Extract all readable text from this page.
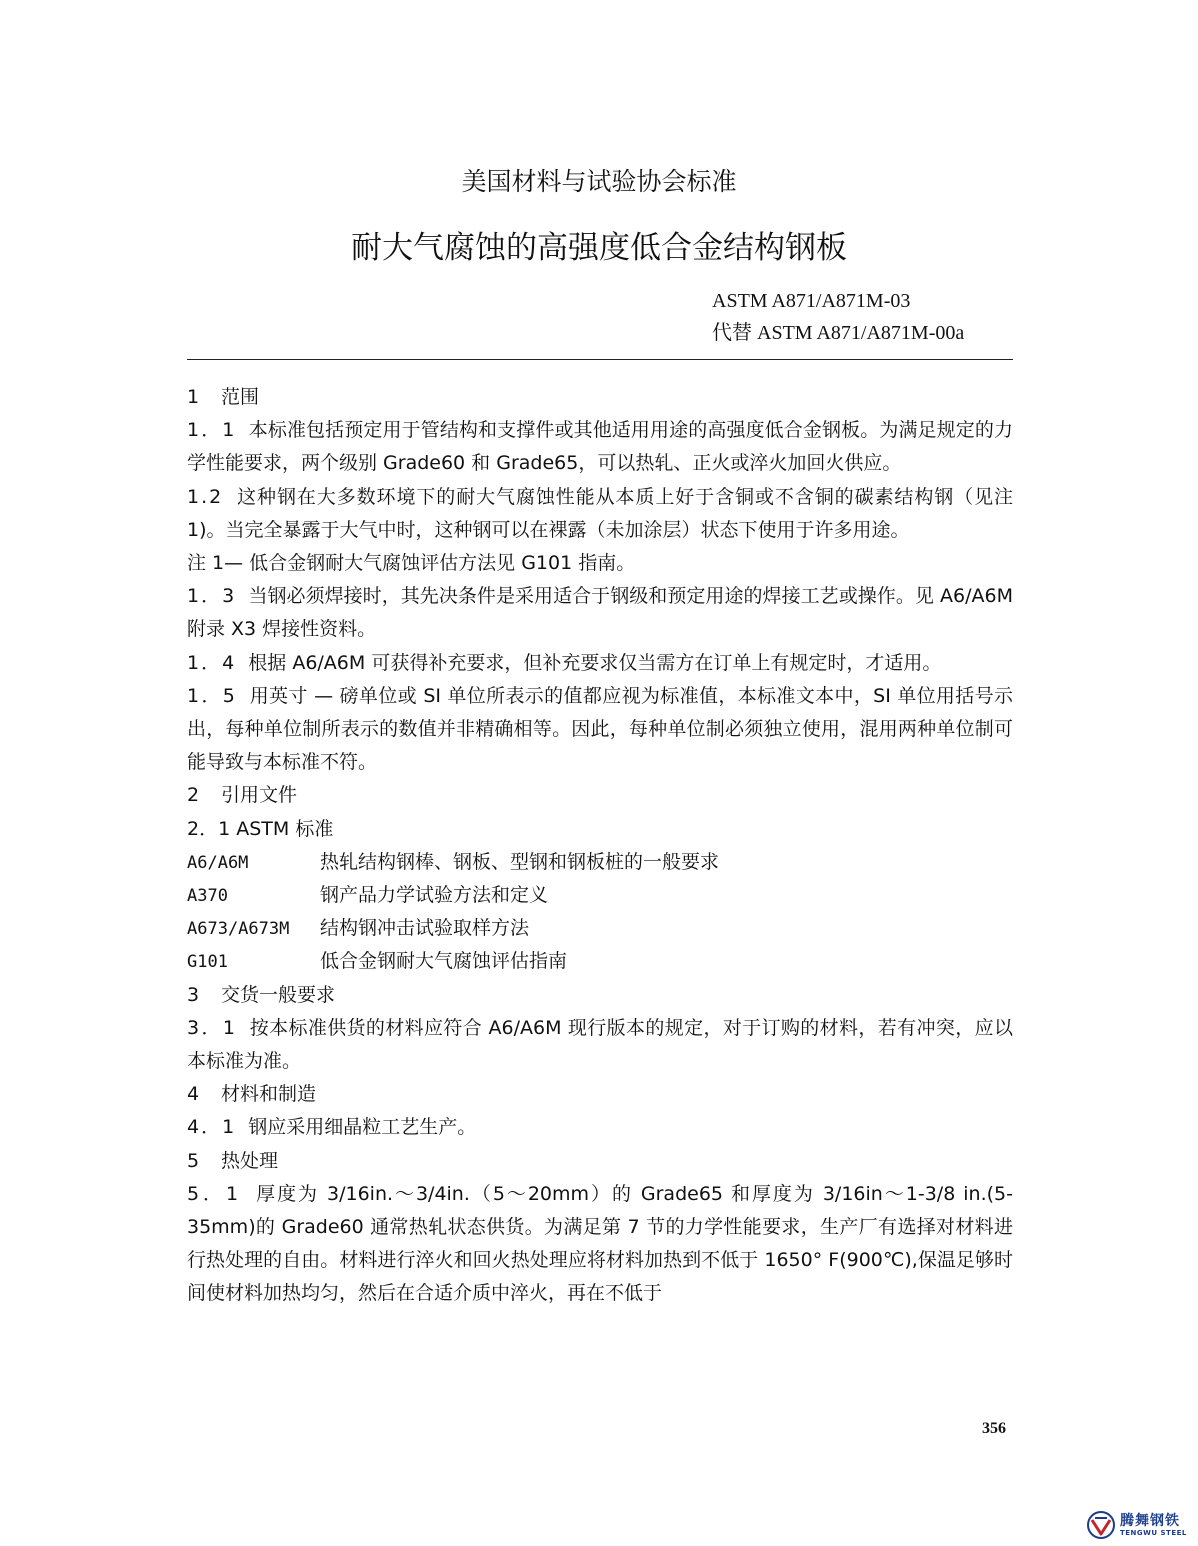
美国材料与试验协会标准
耐大气腐蚀的高强度低合金结构钢板
ASTM A871/A871M-03
代替 ASTM A871/A871M-00a
1 范围
1．1 本标准包括预定用于管结构和支撑件或其他适用用途的高强度低合金钢板。为满足规定的力学性能要求，两个级别 Grade60 和 Grade65，可以热轧、正火或淬火加回火供应。
1.2 这种钢在大多数环境下的耐大气腐蚀性能从本质上好于含铜或不含铜的碳素结构钢（见注 1)。当完全暴露于大气中时，这种钢可以在裸露（未加涂层）状态下使用于许多用途。
注 1— 低合金钢耐大气腐蚀评估方法见 G101 指南。
1．3 当钢必须焊接时，其先决条件是采用适合于钢级和预定用途的焊接工艺或操作。见 A6/A6M 附录 X3 焊接性资料。
1．4 根据 A6/A6M 可获得补充要求，但补充要求仅当需方在订单上有规定时，才适用。
1．5 用英寸 — 磅单位或 SI 单位所表示的值都应视为标准值，本标准文本中，SI 单位用括号示出，每种单位制所表示的数值并非精确相等。因此，每种单位制必须独立使用，混用两种单位制可能导致与本标准不符。
2 引用文件
2．1 ASTM 标准
A6/A6M	热轧结构钢棒、钢板、型钢和钢板桩的一般要求
A370	钢产品力学试验方法和定义
A673/A673M 结构钢冲击试验取样方法
G101	低合金钢耐大气腐蚀评估指南
3 交货一般要求
3．1 按本标准供货的材料应符合 A6/A6M 现行版本的规定，对于订购的材料，若有冲突，应以本标准为准。
4 材料和制造
4．1 钢应采用细晶粒工艺生产。
5 热处理
5．1 厚度为 3/16in.～3/4in.（5～20mm）的 Grade65 和厚度为 3/16in～1-3/8 in.(5-35mm)的 Grade60 通常热轧状态供货。为满足第 7 节的力学性能要求，生产厂有选择对材料进行热处理的自由。材料进行淬火和回火热处理应将材料加热到不低于 1650° F(900℃),保温足够时间使材料加热均匀，然后在合适介质中淬火，再在不低于
356
腾舞钢铁
TENGWU STEEL
